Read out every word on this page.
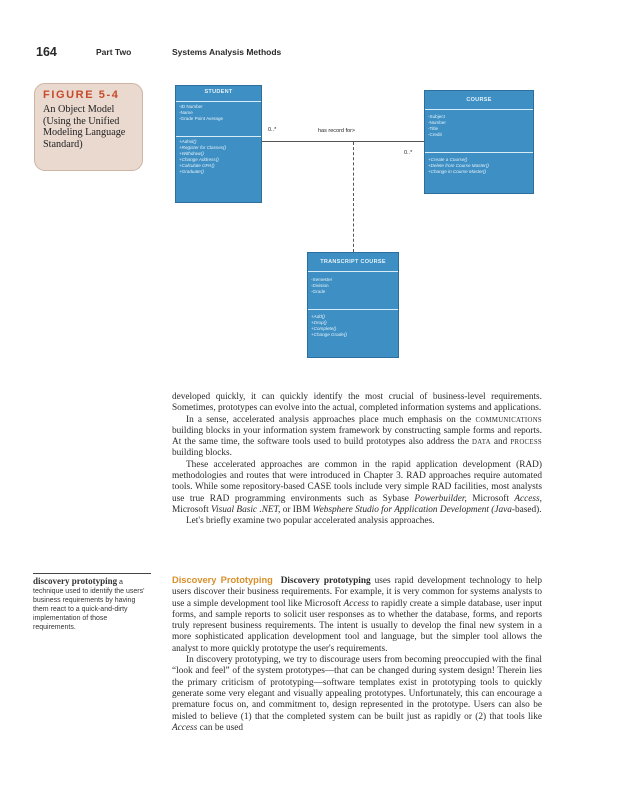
164	Part Two	Systems Analysis Methods
FIGURE 5-4
An Object Model (Using the Unified Modeling Language Standard)
0..*	has record for>
0..*
STUDENT
-ID Number
-Name
-Grade Point Average
+Admit()
+Register for Classes()
+Withdraw()
+Change Address()
+Calculate GPA()
+Graduate()
COURSE
-Subject
-Number
-Title
-Credit
+Create a Course()
+Delete from Course Master()
+Change in Course Master()
TRANSCRIPT COURSE
-Semester
-Division
-Grade
+Add()
+Drop()
+Complete()
+Change Grade()

developed quickly, it can quickly identify the most crucial of business-level requirements. Sometimes, prototypes can evolve into the actual, completed information systems and applications.

In a sense, accelerated analysis approaches place much emphasis on the COMMUNICATIONS building blocks in your information system framework by constructing sample forms and reports. At the same time, the software tools used to build prototypes also address the DATA and PROCESS building blocks.

These accelerated approaches are common in the rapid application development (RAD) methodologies and routes that were introduced in Chapter 3. RAD approaches require automated tools. While some repository-based CASE tools include very simple RAD facilities, most analysts use true RAD programming environments such as Sybase Powerbuilder, Microsoft Access, Microsoft Visual Basic .NET, or IBM Websphere Studio for Application Development (Java-based).

Let's briefly examine two popular accelerated analysis approaches.

discovery prototyping a technique used to identify the users' business requirements by having them react to a quick-and-dirty implementation of those requirements.

Discovery Prototyping Discovery prototyping uses rapid development technology to help users discover their business requirements. For example, it is very common for systems analysts to use a simple development tool like Microsoft Access to rapidly create a simple database, user input forms, and sample reports to solicit user responses as to whether the database, forms, and reports truly represent business requirements. The intent is usually to develop the final new system in a more sophisticated application development tool and language, but the simpler tool allows the analyst to more quickly prototype the user's requirements.

In discovery prototyping, we try to discourage users from becoming preoccupied with the final “look and feel” of the system prototypes—that can be changed during system design! Therein lies the primary criticism of prototyping—software templates exist in prototyping tools to quickly generate some very elegant and visually appealing prototypes. Unfortunately, this can encourage a premature focus on, and commitment to, design represented in the prototype. Users can also be misled to believe (1) that the completed system can be built just as rapidly or (2) that tools like Access can be used
